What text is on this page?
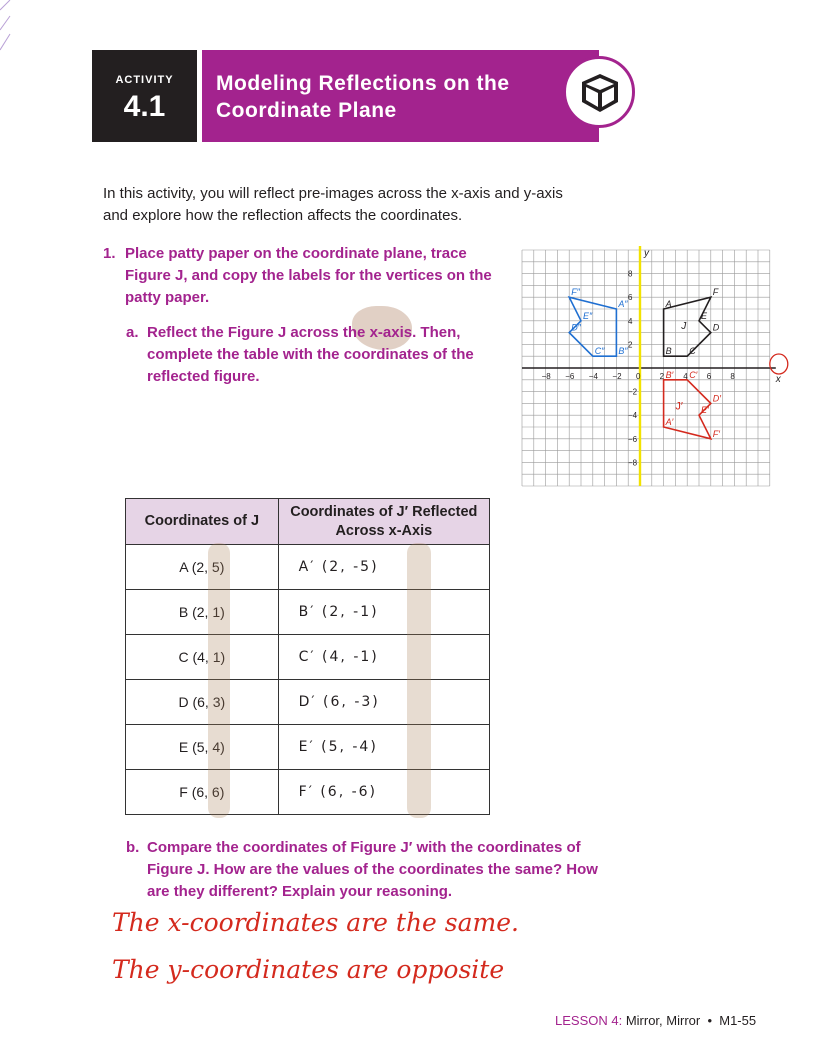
ACTIVITY
4.1
Modeling Reflections on the Coordinate Plane

In this activity, you will reflect pre-images across the x-axis and y-axis and explore how the reflection affects the coordinates.

1. Place patty paper on the coordinate plane, trace Figure J, and copy the labels for the vertices on the patty paper.
a. Reflect the Figure J across the x-axis. Then, complete the table with the coordinates of the reflected figure.	x
y
−8 −6 −4 −2 0 2 4 6 8
8
6
4
2
−2
−4
−6
−8
A
F
E
D
C
B
A′
F′
E′
D′
C′
B′
A″
F″
E″
D″
C″ B″
J
J′
Coordinates of J	Coordinates of J′ Reflected Across x-Axis
A (2, 5)	A′ (2, -5)
B (2, 1)	B′ (2, -1)
C (4, 1)	C′ (4, -1)
D (6, 3)	D′ (6, -3)
E (5, 4)	E′ (5, -4)
F (6, 6)	F′ (6, -6)
b. Compare the coordinates of Figure J′ with the coordinates of Figure J. How are the values of the coordinates the same? How are they different? Explain your reasoning.
The x-coordinates are the same.
The y-coordinates are opposite
LESSON 4: Mirror, Mirror • M1-55
